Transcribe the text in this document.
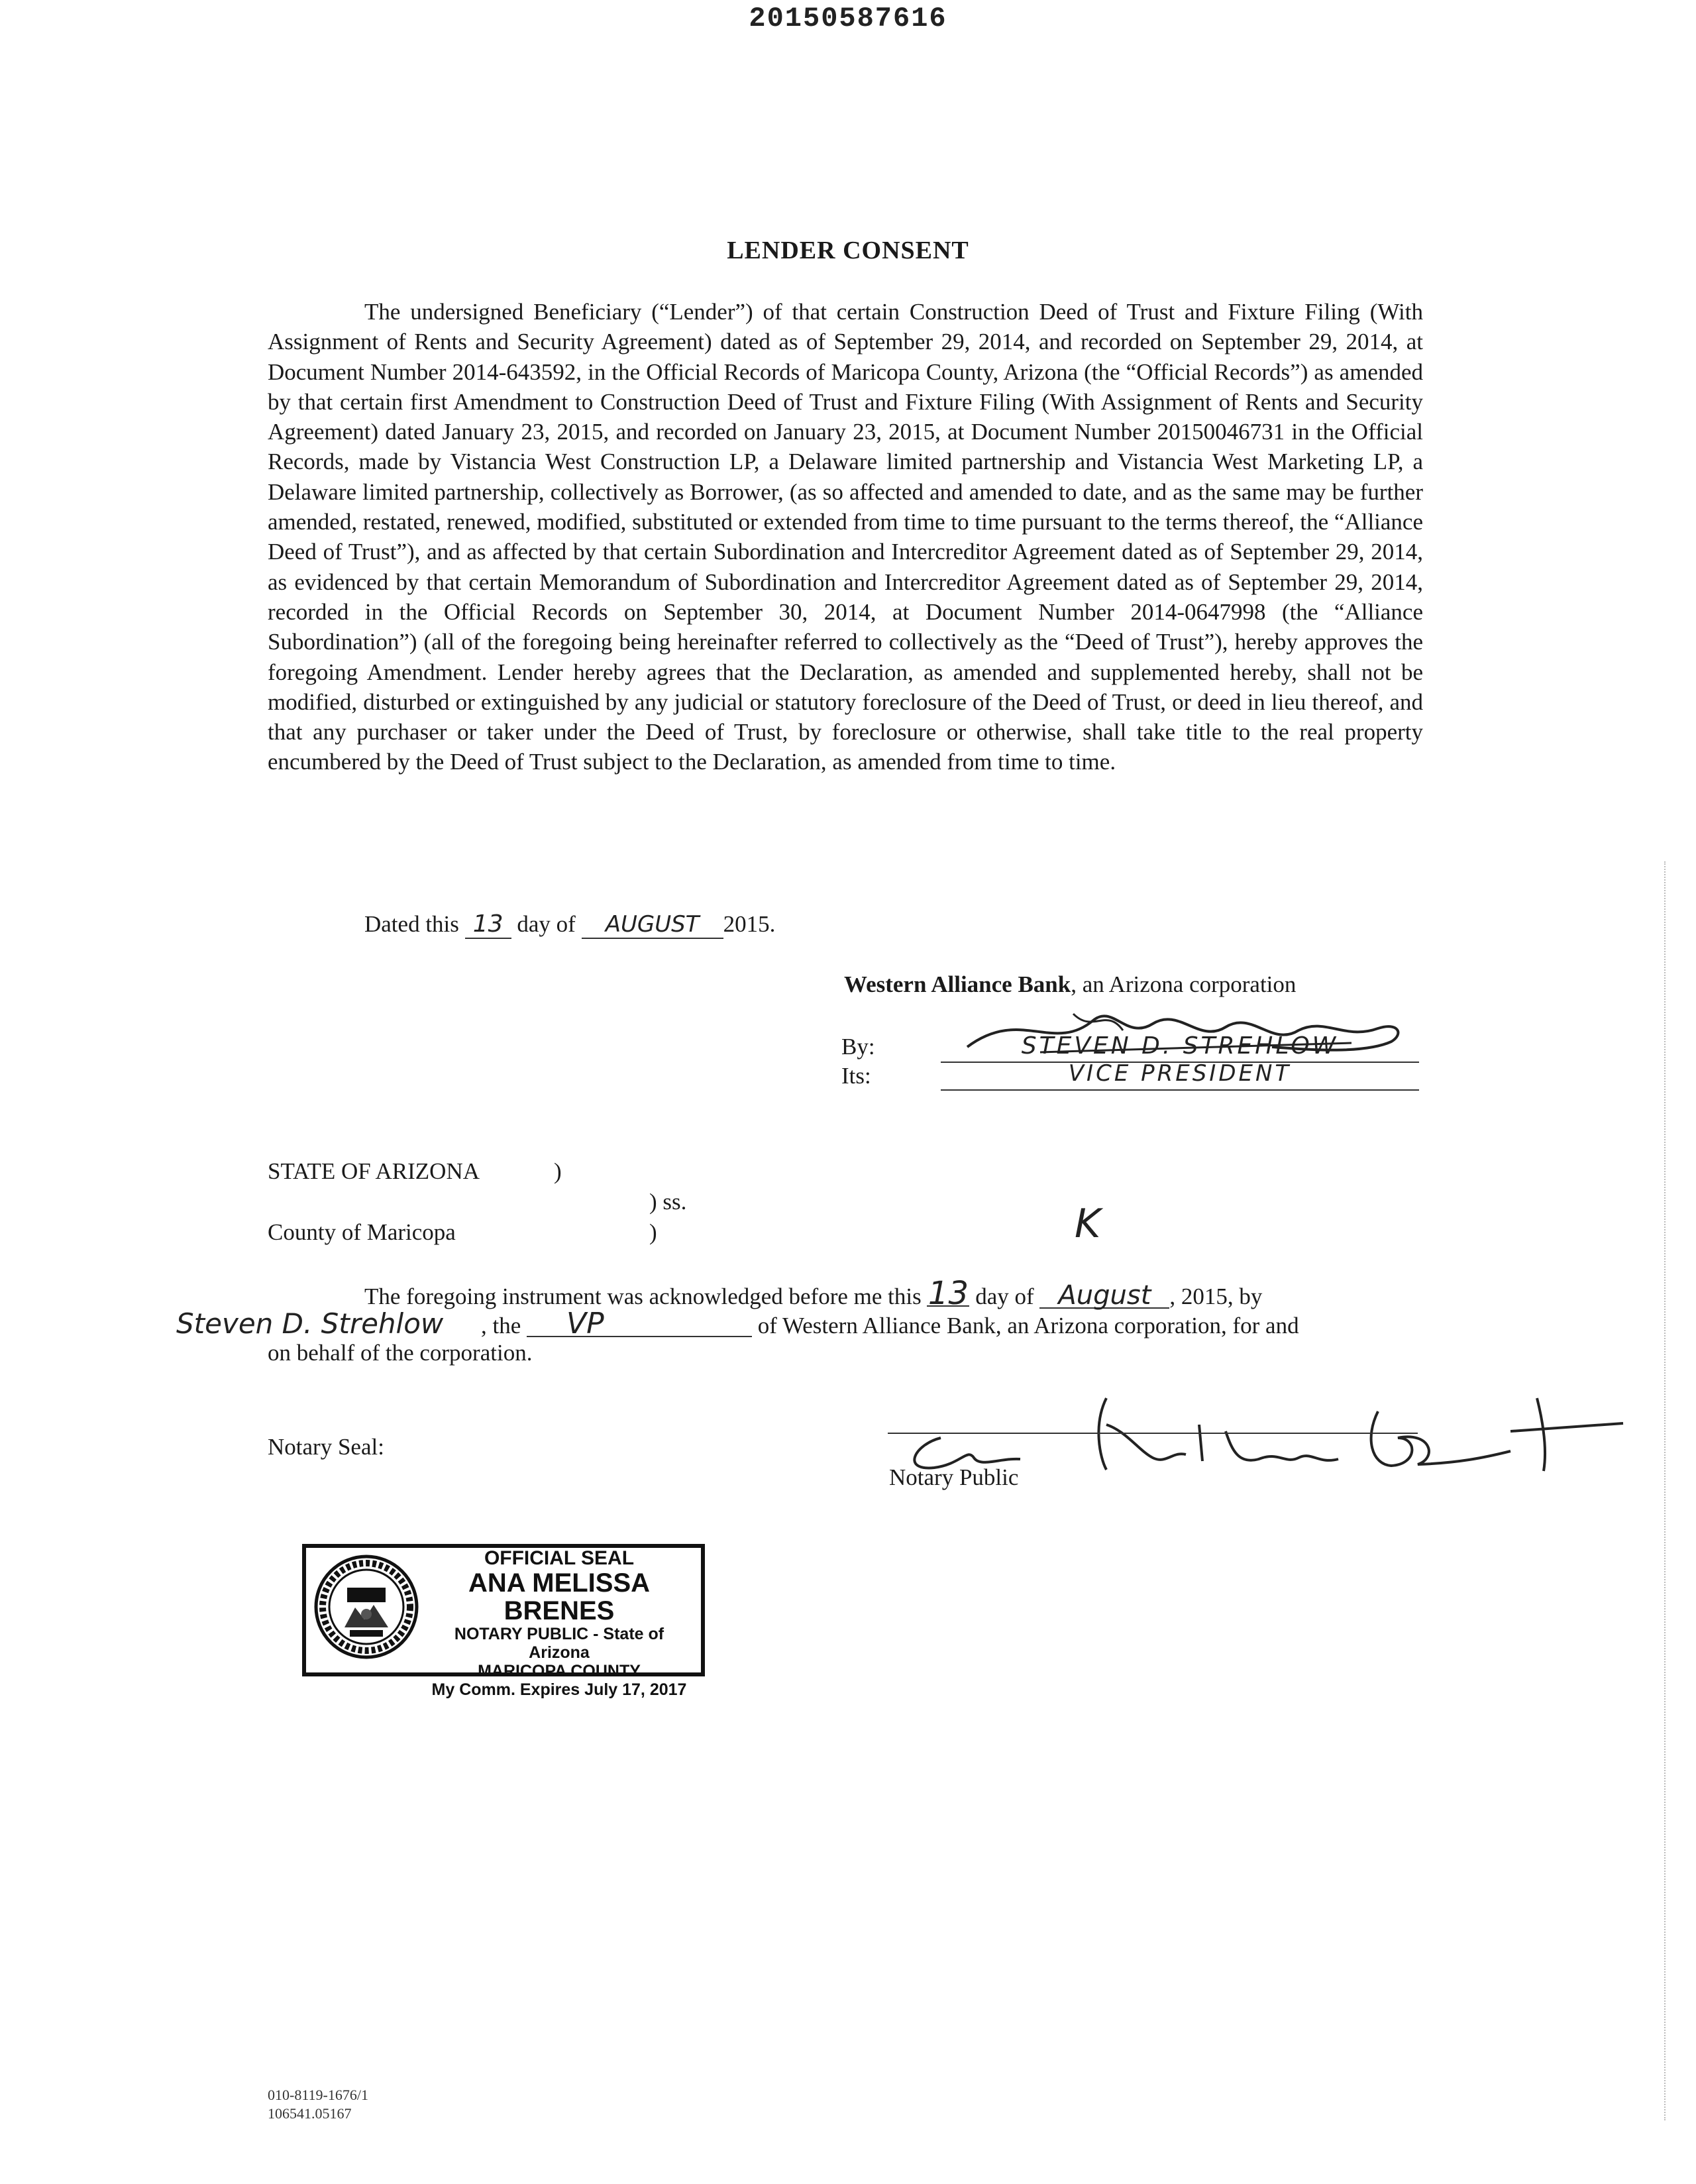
20150587616
LENDER CONSENT
The undersigned Beneficiary (“Lender”) of that certain Construction Deed of Trust and Fixture Filing (With Assignment of Rents and Security Agreement) dated as of September 29, 2014, and recorded on September 29, 2014, at Document Number 2014-643592, in the Official Records of Maricopa County, Arizona (the “Official Records”) as amended by that certain first Amendment to Construction Deed of Trust and Fixture Filing (With Assignment of Rents and Security Agreement) dated January 23, 2015, and recorded on January 23, 2015, at Document Number 20150046731 in the Official Records, made by Vistancia West Construction LP, a Delaware limited partnership and Vistancia West Marketing LP, a Delaware limited partnership, collectively as Borrower, (as so affected and amended to date, and as the same may be further amended, restated, renewed, modified, substituted or extended from time to time pursuant to the terms thereof, the “Alliance Deed of Trust”), and as affected by that certain Subordination and Intercreditor Agreement dated as of September 29, 2014, as evidenced by that certain Memorandum of Subordination and Intercreditor Agreement dated as of September 29, 2014, recorded in the Official Records on September 30, 2014, at Document Number 2014-0647998 (the “Alliance Subordination”) (all of the foregoing being hereinafter referred to collectively as the “Deed of Trust”), hereby approves the foregoing Amendment. Lender hereby agrees that the Declaration, as amended and supplemented hereby, shall not be modified, disturbed or extinguished by any judicial or statutory foreclosure of the Deed of Trust, or deed in lieu thereof, and that any purchaser or taker under the Deed of Trust, by foreclosure or otherwise, shall take title to the real property encumbered by the Deed of Trust subject to the Declaration, as amended from time to time.
Dated this 13 day of AUGUST 2015.
Western Alliance Bank, an Arizona corporation
By:	STEVEN D. STREHLOW
Its:	VICE PRESIDENT
STATE OF ARIZONA	)
) ss.
County of Maricopa	)	K
The foregoing instrument was acknowledged before me this 13 day of August , 2015, by
Steven D. Strehlow , the VP	of Western Alliance Bank, an Arizona corporation, for and
on behalf of the corporation.
Notary Seal:
Notary Public
OFFICIAL SEAL
ANA MELISSA BRENES
NOTARY PUBLIC - State of Arizona
MARICOPA COUNTY
My Comm. Expires July 17, 2017
010-8119-1676/1
106541.05167
